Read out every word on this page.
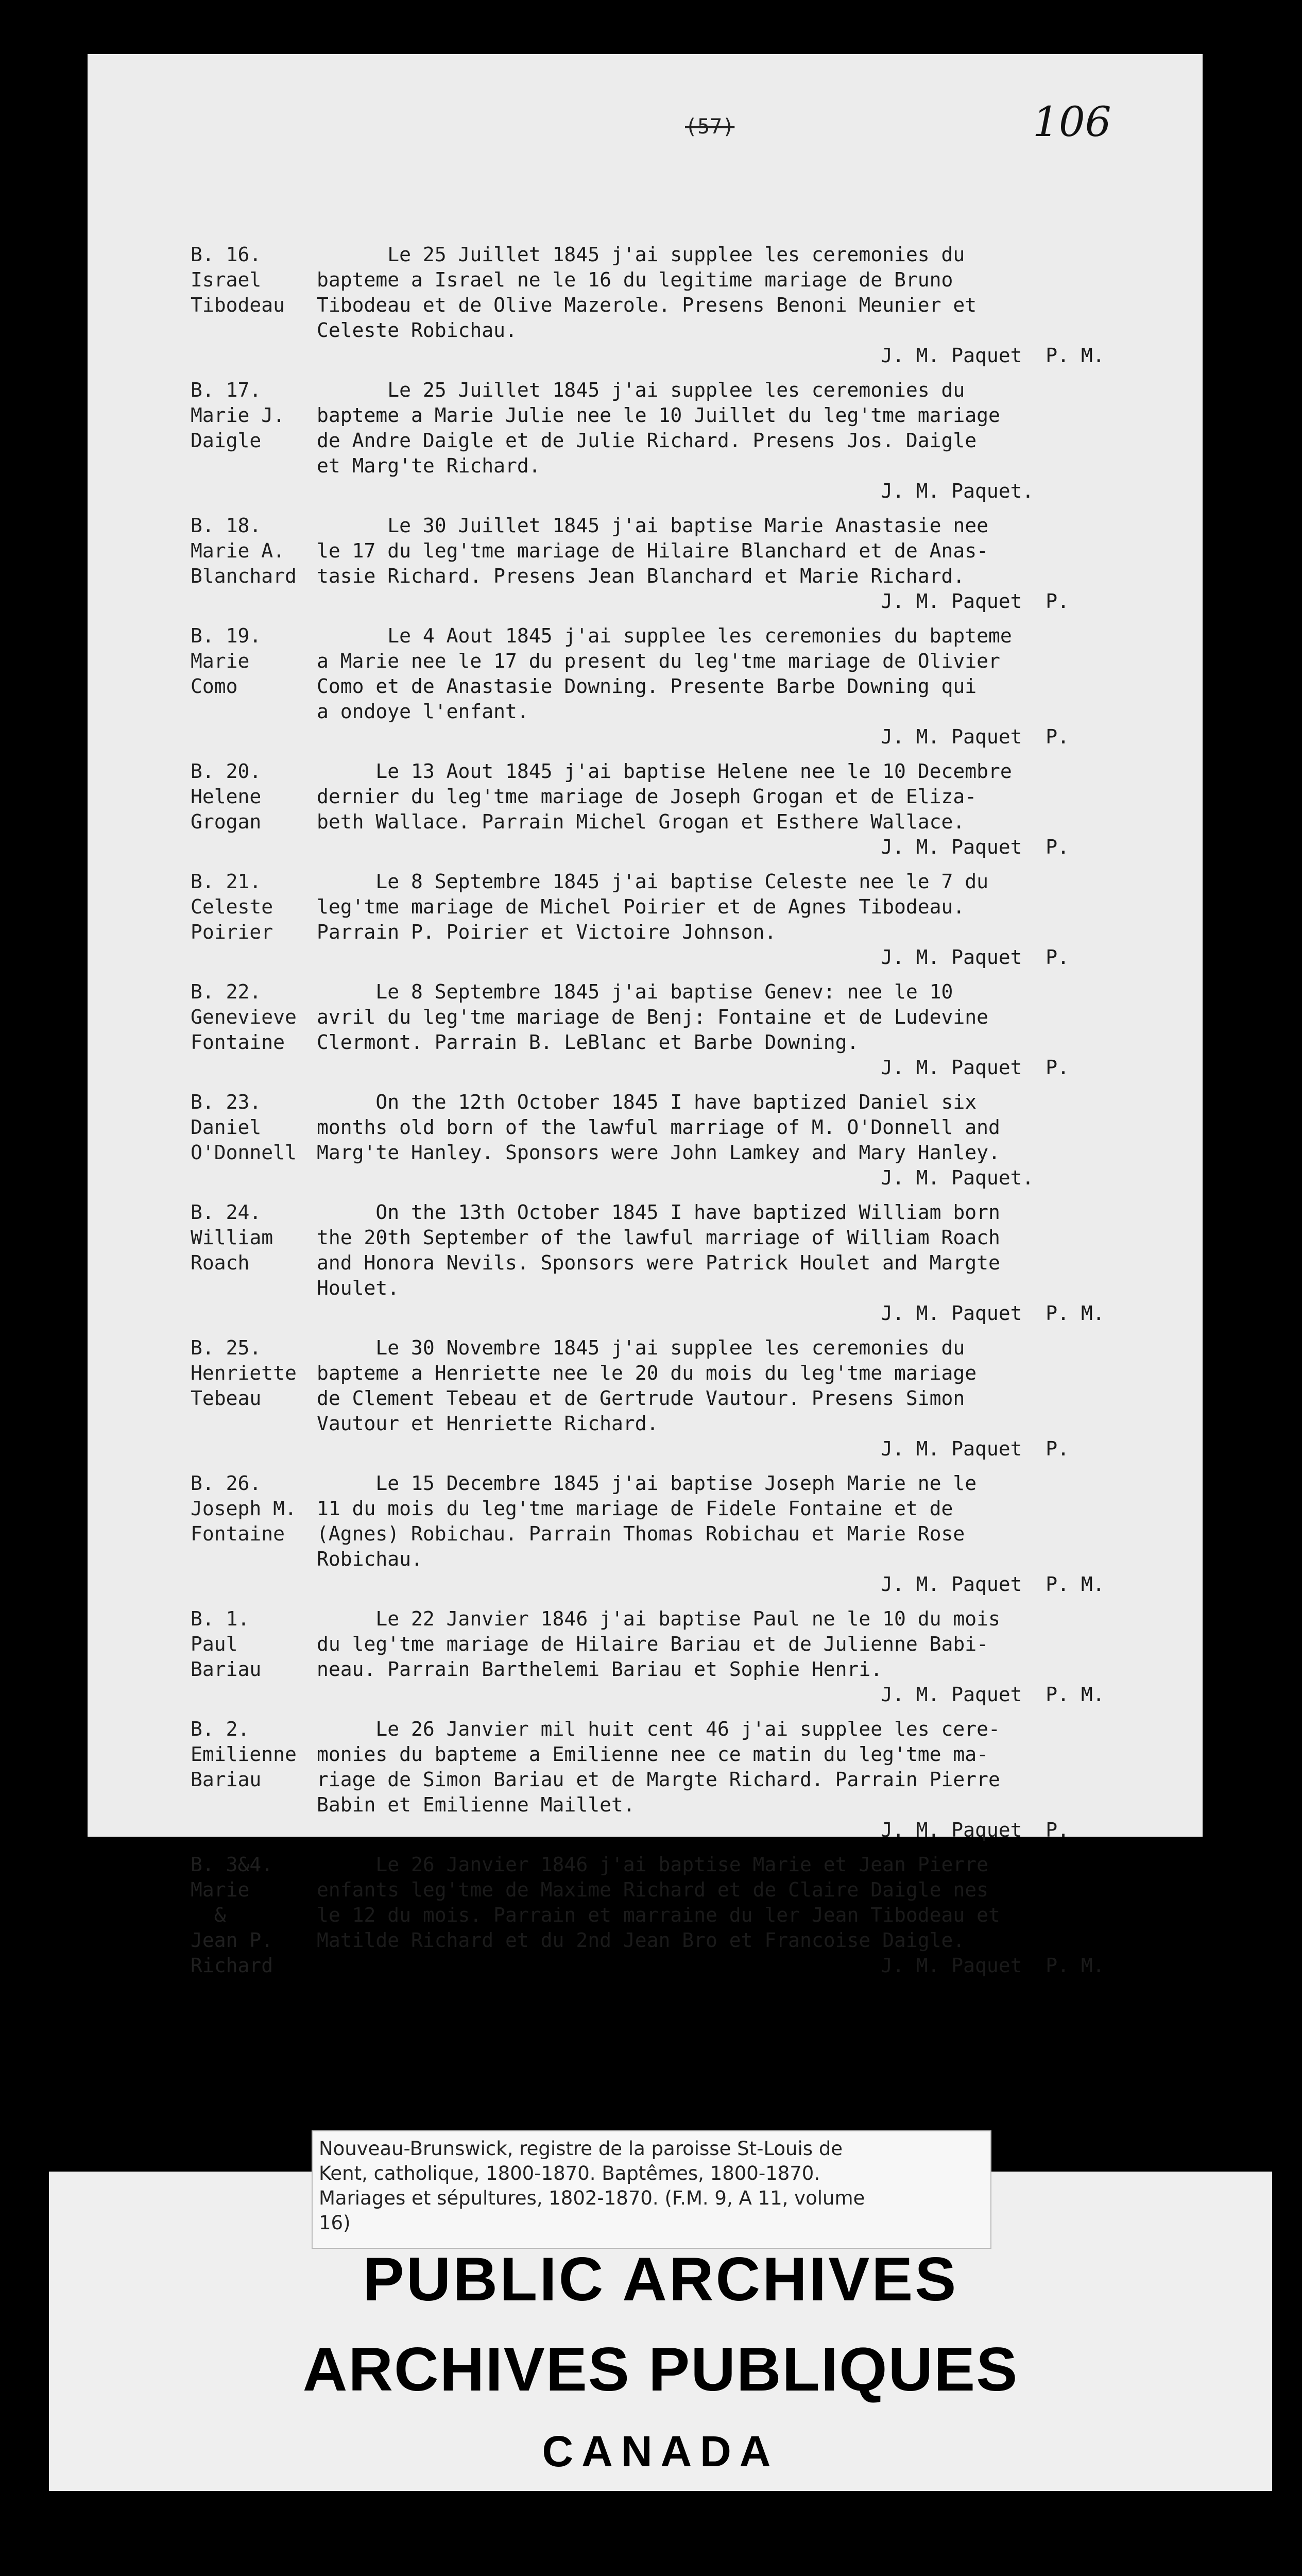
(57)	106
B. 16.
Israel
Tibodeau
Le 25 Juillet 1845 j'ai supplee les ceremonies du
bapteme a Israel ne le 16 du legitime mariage de Bruno
Tibodeau et de Olive Mazerole. Presens Benoni Meunier et
Celeste Robichau.
J. M. Paquet  P. M.
B. 17.
Marie J.
Daigle
Le 25 Juillet 1845 j'ai supplee les ceremonies du
bapteme a Marie Julie nee le 10 Juillet du leg'tme mariage
de Andre Daigle et de Julie Richard. Presens Jos. Daigle
et Marg'te Richard.
J. M. Paquet.
B. 18.
Marie A.
Blanchard
Le 30 Juillet 1845 j'ai baptise Marie Anastasie nee
le 17 du leg'tme mariage de Hilaire Blanchard et de Anas-
tasie Richard. Presens Jean Blanchard et Marie Richard.
J. M. Paquet  P.
B. 19.
Marie
Como
Le 4 Aout 1845 j'ai supplee les ceremonies du bapteme
a Marie nee le 17 du present du leg'tme mariage de Olivier
Como et de Anastasie Downing. Presente Barbe Downing qui
a ondoye l'enfant.
J. M. Paquet  P.
B. 20.
Helene
Grogan
Le 13 Aout 1845 j'ai baptise Helene nee le 10 Decembre
dernier du leg'tme mariage de Joseph Grogan et de Eliza-
beth Wallace. Parrain Michel Grogan et Esthere Wallace.
J. M. Paquet  P.
B. 21.
Celeste
Poirier
Le 8 Septembre 1845 j'ai baptise Celeste nee le 7 du
leg'tme mariage de Michel Poirier et de Agnes Tibodeau.
Parrain P. Poirier et Victoire Johnson.
J. M. Paquet  P.
B. 22.
Genevieve
Fontaine
Le 8 Septembre 1845 j'ai baptise Genev: nee le 10
avril du leg'tme mariage de Benj: Fontaine et de Ludevine
Clermont. Parrain B. LeBlanc et Barbe Downing.
J. M. Paquet  P.
B. 23.
Daniel
O'Donnell
On the 12th October 1845 I have baptized Daniel six
months old born of the lawful marriage of M. O'Donnell and
Marg'te Hanley. Sponsors were John Lamkey and Mary Hanley.
J. M. Paquet.
B. 24.
William
Roach
On the 13th October 1845 I have baptized William born
the 20th September of the lawful marriage of William Roach
and Honora Nevils. Sponsors were Patrick Houlet and Margte
Houlet.
J. M. Paquet  P. M.
B. 25.
Henriette
Tebeau
Le 30 Novembre 1845 j'ai supplee les ceremonies du
bapteme a Henriette nee le 20 du mois du leg'tme mariage
de Clement Tebeau et de Gertrude Vautour. Presens Simon
Vautour et Henriette Richard.
J. M. Paquet  P.
B. 26.
Joseph M.
Fontaine
Le 15 Decembre 1845 j'ai baptise Joseph Marie ne le
11 du mois du leg'tme mariage de Fidele Fontaine et de
(Agnes) Robichau. Parrain Thomas Robichau et Marie Rose
Robichau.
J. M. Paquet  P. M.
B. 1.
Paul
Bariau
Le 22 Janvier 1846 j'ai baptise Paul ne le 10 du mois
du leg'tme mariage de Hilaire Bariau et de Julienne Babi-
neau. Parrain Barthelemi Bariau et Sophie Henri.
J. M. Paquet  P. M.
B. 2.
Emilienne
Bariau
Le 26 Janvier mil huit cent 46 j'ai supplee les cere-
monies du bapteme a Emilienne nee ce matin du leg'tme ma-
riage de Simon Bariau et de Margte Richard. Parrain Pierre
Babin et Emilienne Maillet.
J. M. Paquet  P.
B. 3&4.
Marie
&
Jean P.
Richard
Le 26 Janvier 1846 j'ai baptise Marie et Jean Pierre
enfants leg'tme de Maxime Richard et de Claire Daigle nes
le 12 du mois. Parrain et marraine du ler Jean Tibodeau et
Matilde Richard et du 2nd Jean Bro et Francoise Daigle.
J. M. Paquet  P. M.
Nouveau-Brunswick, registre de la paroisse St-Louis de
Kent, catholique, 1800-1870. Baptêmes, 1800-1870.
Mariages et sépultures, 1802-1870. (F.M. 9, A 11, volume
16)
PUBLIC ARCHIVES
ARCHIVES PUBLIQUES
CANADA
